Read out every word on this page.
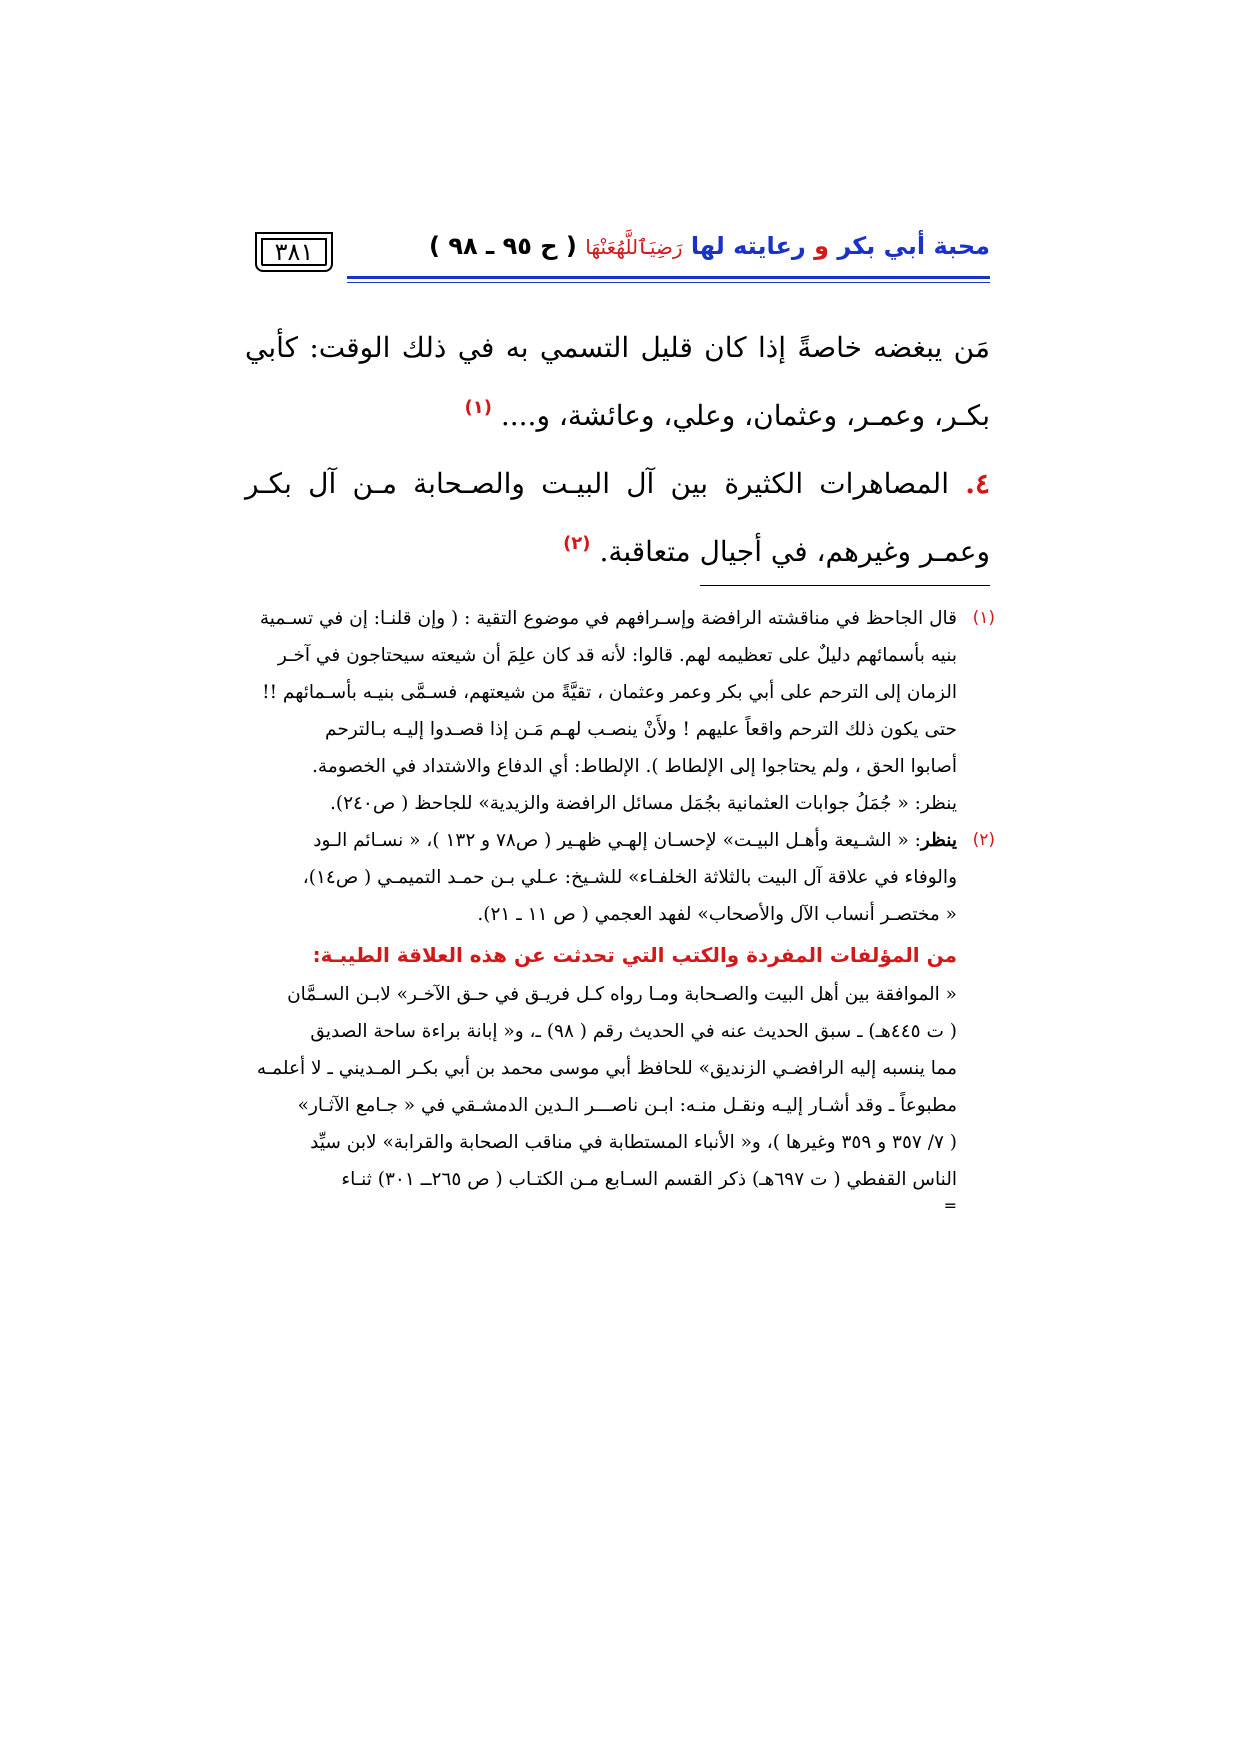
٣٨١	محبة أبي بكر و رعايته لها رَضِيَٱللَّهُعَنْهَا ( ح ٩٥ ـ ٩٨ )

مَن يبغضه خاصةً إذا كان قليل التسمي به في ذلك الوقت: كأبي بكـر، وعمـر، وعثمان، وعلي، وعائشة، و.... $^{(١)}$

٤. المصاهرات الكثيرة بين آل البيـت والصـحابة مـن آل بكـر وعمـر وغيرهم، في أجيال متعاقبة. $^{(٢)}$

(١)

قال الجاحظ في مناقشته الرافضة وإسـرافهم في موضوع التقية : ( وإن قلنـا: إن في تسـمية

بنيه بأسمائهم دليلٌ على تعظيمه لهم. قالوا: لأنه قد كان علِمَ أن شيعته سيحتاجون في آخـر

الزمان إلى الترحم على أبي بكر وعمر وعثمان ، تقيَّةً من شيعتهم، فسـمَّى بنيـه بأسـمائهم !!

حتى يكون ذلك الترحم واقعاً عليهم ! ولأَنْ ينصـب لهـم مَـن إذا قصـدوا إليـه بـالترحم

أصابوا الحق ، ولم يحتاجوا إلى الإلطاط ). الإلطاط: أي الدفاع والاشتداد في الخصومة.

ينظر: « جُمَلُ جوابات العثمانية بجُمَل مسائل الرافضة والزيدية» للجاحظ ( ص٢٤٠).

(٢)

ينظر: « الشـيعة وأهـل البيـت» لإحسـان إلهـي ظهـير ( ص٧٨ و ١٣٢ )، « نسـائم الـود

والوفاء في علاقة آل البيت بالثلاثة الخلفـاء» للشـيخ: عـلي بـن حمـد التميمـي ( ص١٤)،

« مختصـر أنساب الآل والأصحاب» لفهد العجمي ( ص ١١ ـ ٢١).

من المؤلفات المفردة والكتب التي تحدثت عن هذه العلاقة الطيبـة:

« الموافقة بين أهل البيت والصـحابة ومـا رواه كـل فريـق في حـق الآخـر» لابـن السـمَّان

( ت ٤٤٥هـ) ـ سبق الحديث عنه في الحديث رقم ( ٩٨) ـ، و« إبانة براءة ساحة الصديق

مما ينسبه إليه الرافضـي الزنديق» للحافظ أبي موسى محمد بن أبي بكـر المـديني ـ لا أعلمـه

مطبوعاً ـ وقد أشـار إليـه ونقـل منـه: ابـن ناصـــر الـدين الدمشـقي في « جـامع الآثـار»

( ٧/ ٣٥٧ و ٣٥٩ وغيرها )، و« الأنباء المستطابة في مناقب الصحابة والقرابة» لابن سيِّد

الناس القفطي ( ت ٦٩٧هـ) ذكر القسم السـابع مـن الكتـاب ( ص ٢٦٥ــ ٣٠١) ثنـاء

=
